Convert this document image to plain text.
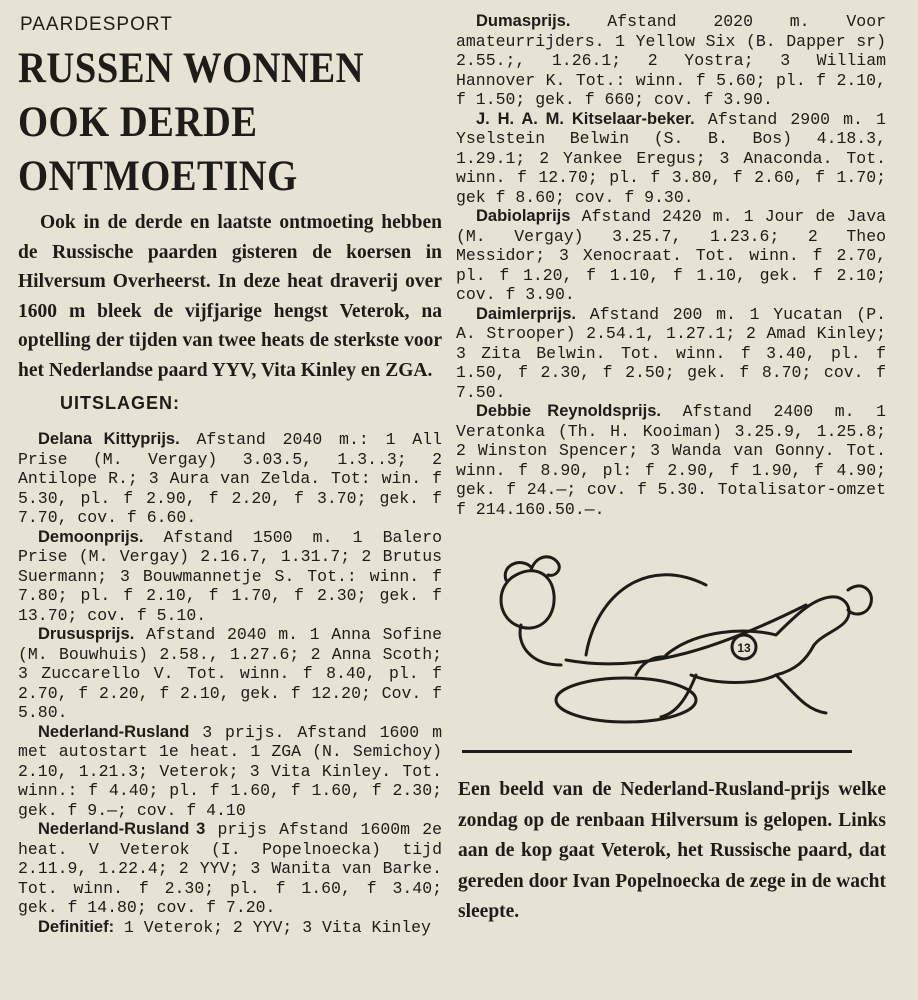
PAARDESPORT
RUSSEN WONNEN OOK DERDE ONTMOETING

Ook in de derde en laatste ontmoeting hebben de Russische paarden gisteren de koersen in Hilversum Overheerst. In deze heat draverij over 1600 m bleek de vijfjarige hengst Veterok, na optelling der tijden van twee heats de sterkste voor het Nederlandse paard YYV, Vita Kinley en ZGA.

UITSLAGEN:

Delana Kittyprijs. Afstand 2040 m.: 1 All Prise (M. Vergay) 3.03.5, 1.3..3; 2 Antilope R.; 3 Aura van Zelda. Tot: win. f 5.30, pl. f 2.90, f 2.20, f 3.70; gek. f 7.70, cov. f 6.60.

Demoonprijs. Afstand 1500 m. 1 Balero Prise (M. Vergay) 2.16.7, 1.31.7; 2 Brutus Suermann; 3 Bouwmannetje S. Tot.: winn. f 7.80; pl. f 2.10, f 1.70, f 2.30; gek. f 13.70; cov. f 5.10.

Drususprijs. Afstand 2040 m. 1 Anna Sofine (M. Bouwhuis) 2.58., 1.27.6; 2 Anna Scoth; 3 Zuccarello V. Tot. winn. f 8.40, pl. f 2.70, f 2.20, f 2.10, gek. f 12.20; Cov. f 5.80.

Nederland-Rusland 3 prijs. Afstand 1600 m met autostart 1e heat. 1 ZGA (N. Semichoy) 2.10, 1.21.3; Veterok; 3 Vita Kinley. Tot. winn.: f 4.40; pl. f 1.60, f 1.60, f 2.30; gek. f 9.—; cov. f 4.10

Nederland-Rusland 3 prijs Afstand 1600m 2e heat. V Veterok (I. Popelnoecka) tijd 2.11.9, 1.22.4; 2 YYV; 3 Wanita van Barke. Tot. winn. f 2.30; pl. f 1.60, f 3.40; gek. f 14.80; cov. f 7.20.

Definitief: 1 Veterok; 2 YYV; 3 Vita Kinley

Dumasprijs. Afstand 2020 m. Voor amateurrijders. 1 Yellow Six (B. Dapper sr) 2.55.;, 1.26.1; 2 Yostra; 3 William Hannover K. Tot.: winn. f 5.60; pl. f 2.10, f 1.50; gek. f 660; cov. f 3.90.

J. H. A. M. Kitselaar-beker. Afstand 2900 m. 1 Yselstein Belwin (S. B. Bos) 4.18.3, 1.29.1; 2 Yankee Eregus; 3 Anaconda. Tot. winn. f 12.70; pl. f 3.80, f 2.60, f 1.70; gek f 8.60; cov. f 9.30.

Dabiolaprijs Afstand 2420 m. 1 Jour de Java (M. Vergay) 3.25.7, 1.23.6; 2 Theo Messidor; 3 Xenocraat. Tot. winn. f 2.70, pl. f 1.20, f 1.10, f 1.10, gek. f 2.10; cov. f 3.90.

Daimlerprijs. Afstand 200 m. 1 Yucatan (P. A. Strooper) 2.54.1, 1.27.1; 2 Amad Kinley; 3 Zita Belwin. Tot. winn. f 3.40, pl. f 1.50, f 2.30, f 2.50; gek. f 8.70; cov. f 7.50.

Debbie Reynoldsprijs. Afstand 2400 m. 1 Veratonka (Th. H. Kooiman) 3.25.9, 1.25.8; 2 Winston Spencer; 3 Wanda van Gonny. Tot. winn. f 8.90, pl: f 2.90, f 1.90, f 4.90; gek. f 24.—; cov. f 5.30. Totalisator-omzet f 214.160.50.—.

13

Een beeld van de Nederland-Rusland-prijs welke zondag op de renbaan Hilversum is gelopen. Links aan de kop gaat Veterok, het Russische paard, dat gereden door Ivan Popelnoecka de zege in de wacht sleepte.
